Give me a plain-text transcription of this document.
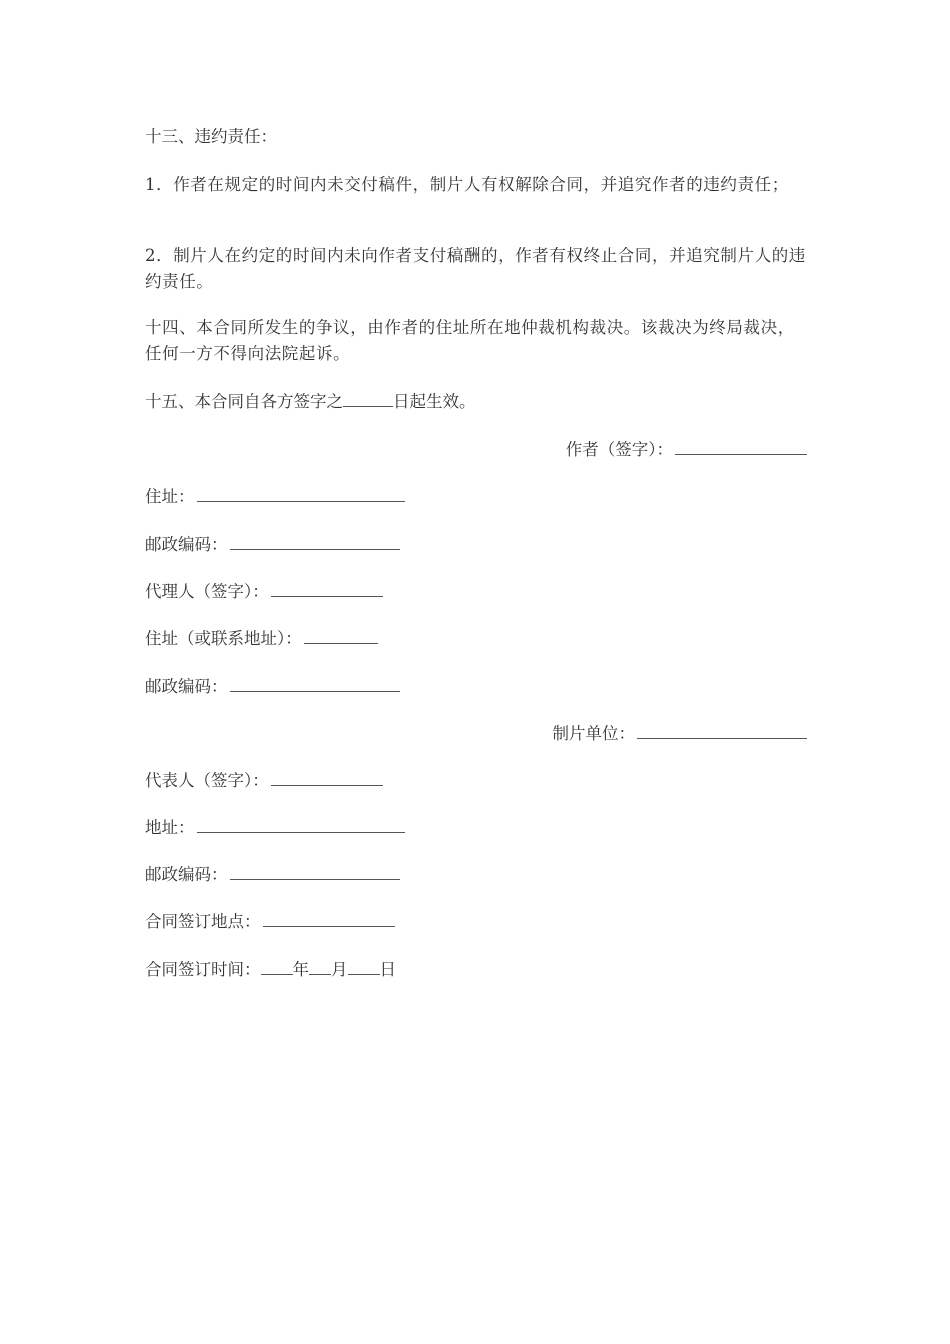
十三、违约责任：
1．作者在规定的时间内未交付稿件，制片人有权解除合同，并追究作者的违约责任；
2．制片人在约定的时间内未向作者支付稿酬的，作者有权终止合同，并追究制片人的违约责任。
十四、本合同所发生的争议，由作者的住址所在地仲裁机构裁决。该裁决为终局裁决，任何一方不得向法院起诉。
十五、本合同自各方签字之	日起生效。
作者（签字）：
住址：
邮政编码：
代理人（签字）：
住址（或联系地址）：
邮政编码：
制片单位：
代表人（签字）：
地址：
邮政编码：
合同签订地点：
合同签订时间： 年 月 日
